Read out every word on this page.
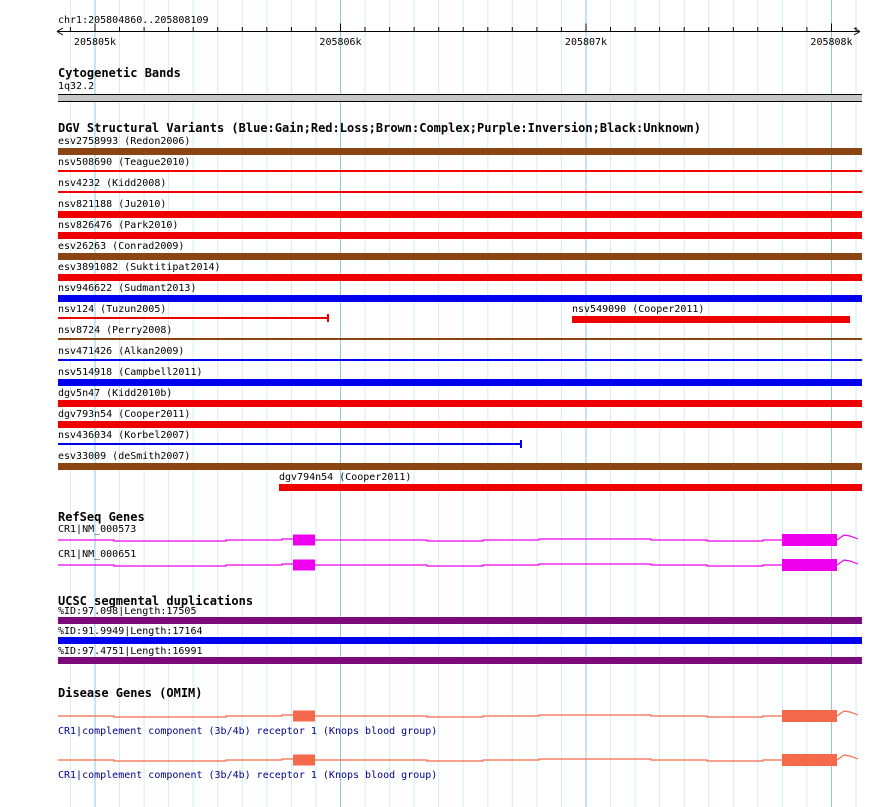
205805k	205806k	205807k	205808k
chr1:205804860..205808109
Cytogenetic Bands
1q32.2
DGV Structural Variants (Blue:Gain;Red:Loss;Brown:Complex;Purple:Inversion;Black:Unknown)
esv2758993 (Redon2006)
nsv508690 (Teague2010)
nsv4232 (Kidd2008)
nsv821188 (Ju2010)
nsv826476 (Park2010)
esv26263 (Conrad2009)
esv3891082 (Suktitipat2014)
nsv946622 (Sudmant2013)
nsv124 (Tuzun2005)	nsv549090 (Cooper2011)
nsv8724 (Perry2008)
nsv471426 (Alkan2009)
nsv514918 (Campbell2011)
dgv5n47 (Kidd2010b)
dgv793n54 (Cooper2011)
nsv436034 (Korbel2007)
esv33009 (deSmith2007)
dgv794n54 (Cooper2011)
RefSeq Genes
CR1|NM_000573
CR1|NM_000651
UCSC segmental duplications
%ID:97.098|Length:17505
%ID:91.9949|Length:17164
%ID:97.4751|Length:16991
Disease Genes (OMIM)
CR1|complement component (3b/4b) receptor 1 (Knops blood group)
CR1|complement component (3b/4b) receptor 1 (Knops blood group)
